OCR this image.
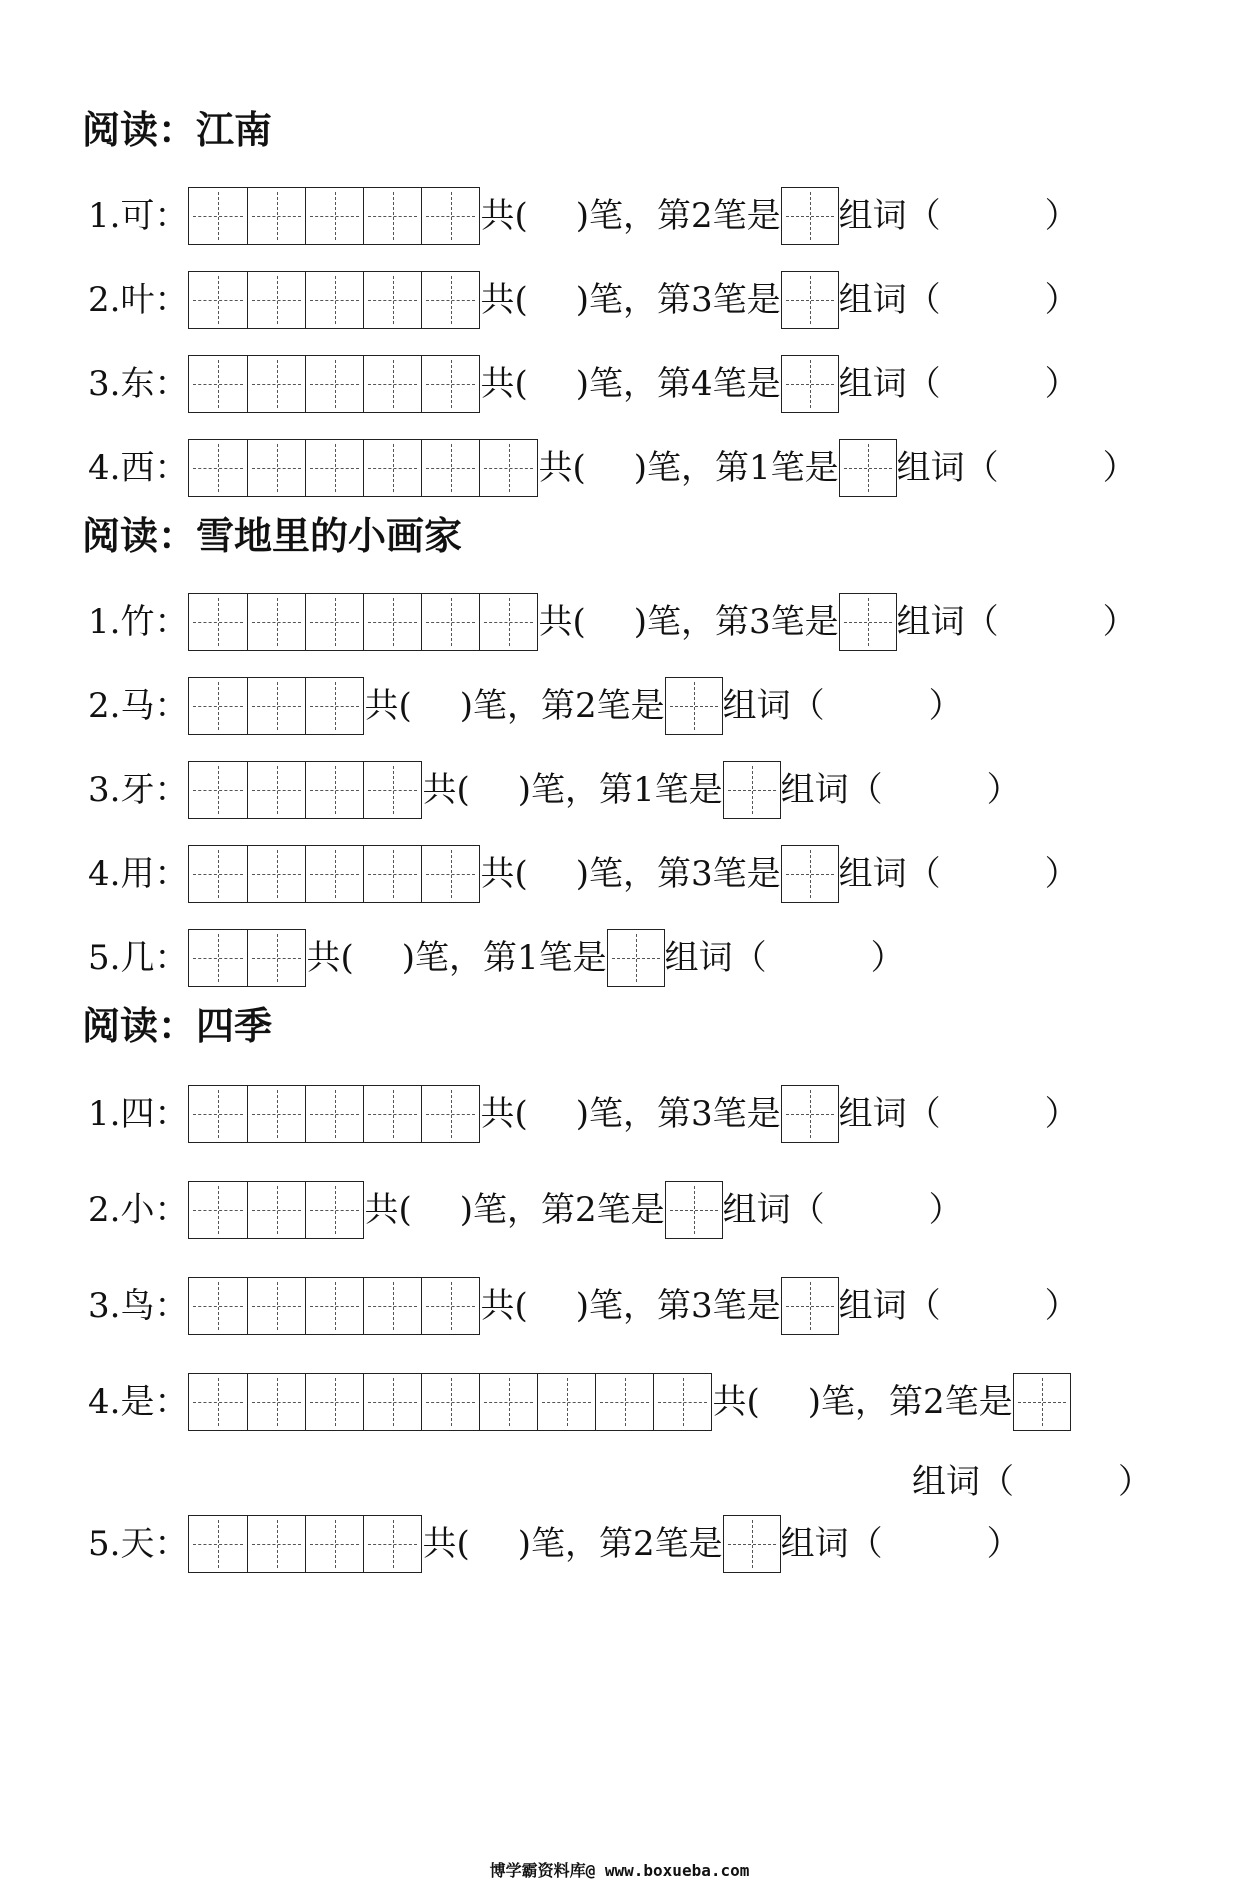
阅读：江南
1.可：	共( )笔，第 2 笔是 组词（	）
2.叶：	共( )笔，第 3 笔是 组词（	）
3.东：	共( )笔，第 4 笔是 组词（	）
4.西：	共( )笔，第 1 笔是 组词（	）
阅读：雪地里的小画家
1.竹：	共( )笔，第 3 笔是 组词（	）
2.马：	共( )笔，第 2 笔是 组词（	）
3.牙：	共( )笔，第 1 笔是 组词（	）
4.用：	共( )笔，第 3 笔是 组词（	）
5.几：	共( )笔，第 1 笔是 组词（	）
阅读：四季
1.四：	共( )笔，第 3 笔是 组词（	）
2.小：	共( )笔，第 2 笔是 组词（	）
3.鸟：	共( )笔，第 3 笔是 组词（	）
4.是：	共( )笔，第 2 笔是
组词（	）
5.天：	共( )笔，第 2 笔是 组词（	）
博学霸资料库@ www.boxueba.com
